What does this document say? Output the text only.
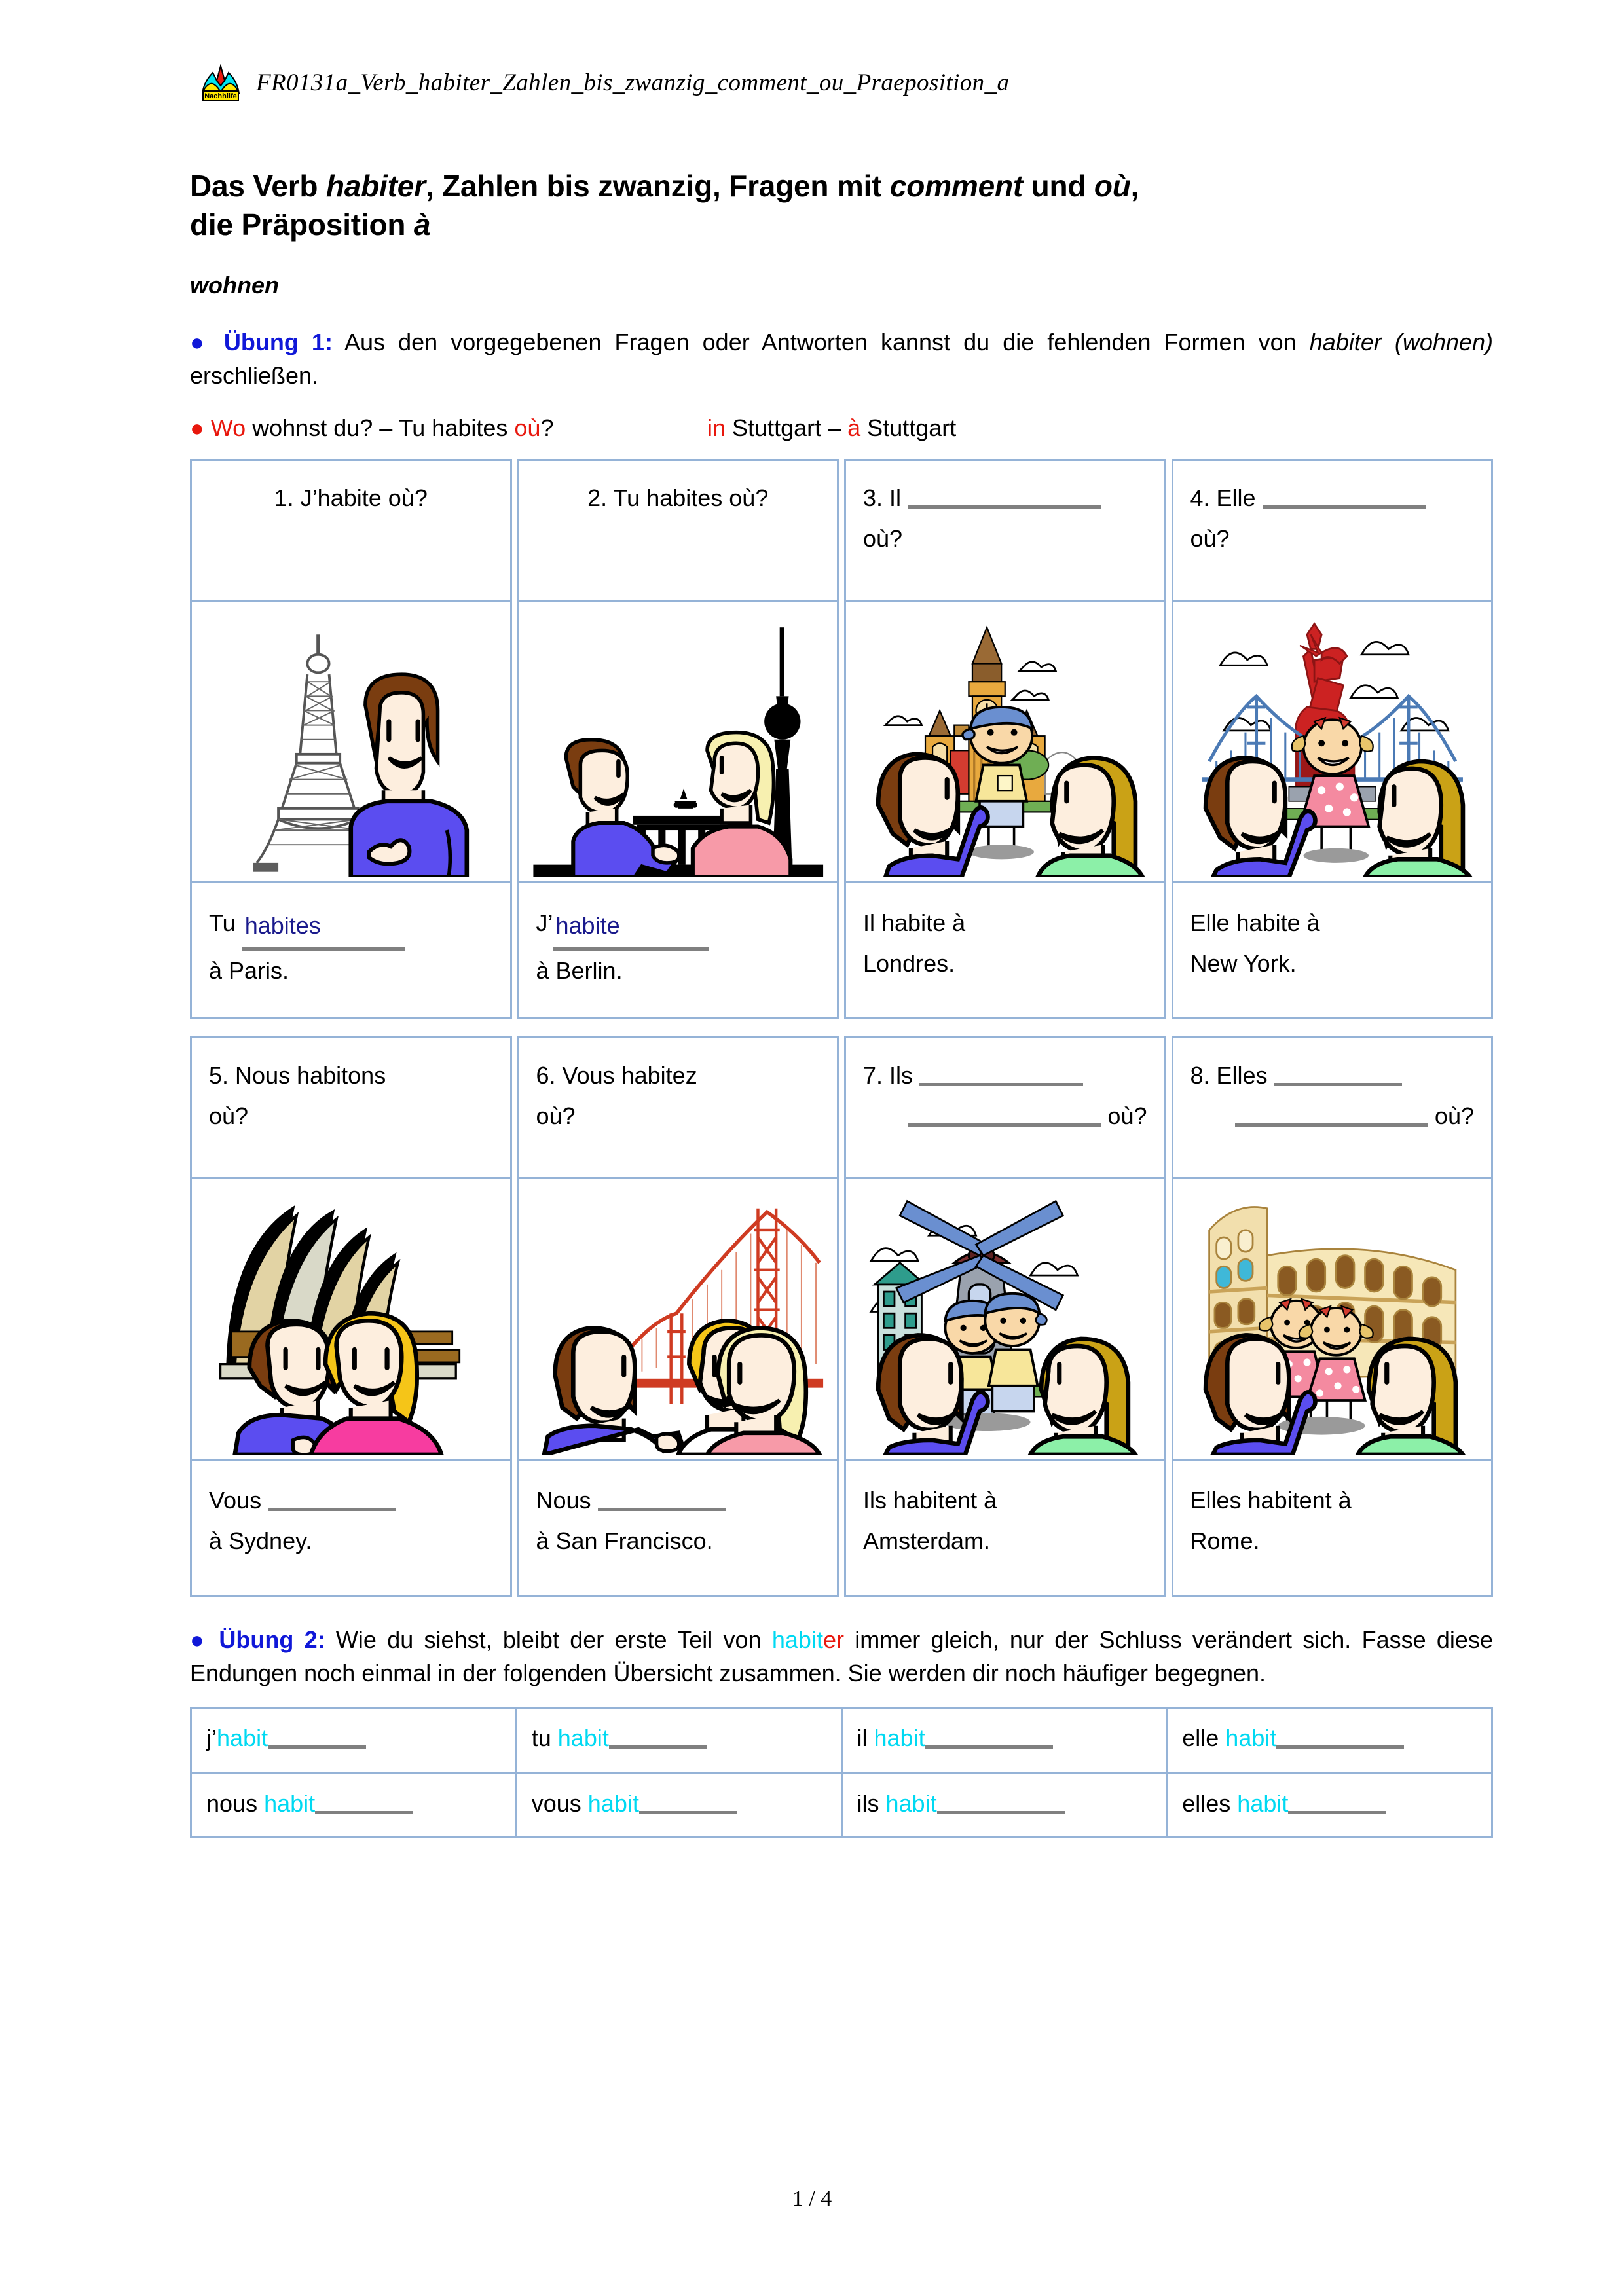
Nachhilfe
FR0131a_Verb_habiter_Zahlen_bis_zwanzig_comment_ou_Praeposition_a
Das Verb habiter, Zahlen bis zwanzig, Fragen mit comment und où,
die Präposition à
wohnen
● Übung 1: Aus den vorgegebenen Fragen oder Antworten kannst du die fehlenden Formen von habiter (wohnen) erschließen.
● Wo wohnst du? – Tu habites où?	in Stuttgart – à Stuttgart
1. J’habite où?
Tu habites
à Paris.
2. Tu habites où?
J’ habite
à Berlin.
3. Il
où?
Il habite à
Londres.
4. Elle
où?
Elle habite à
New York.
5. Nous habitons
où?
Vous
à Sydney.
6. Vous habitez
où?
Nous
à San Francisco.
7. Ils
où?
Ils habitent à
Amsterdam.
8. Elles
où?
Elles habitent à
Rome.
● Übung 2: Wie du siehst, bleibt der erste Teil von habiter immer gleich, nur der Schluss verändert sich. Fasse diese Endungen noch einmal in der folgenden Übersicht zusammen. Sie werden dir noch häufiger begegnen.
j’habit
nous habit
tu habit
vous habit
il habit
ils habit
elle habit
elles habit
1 / 4
